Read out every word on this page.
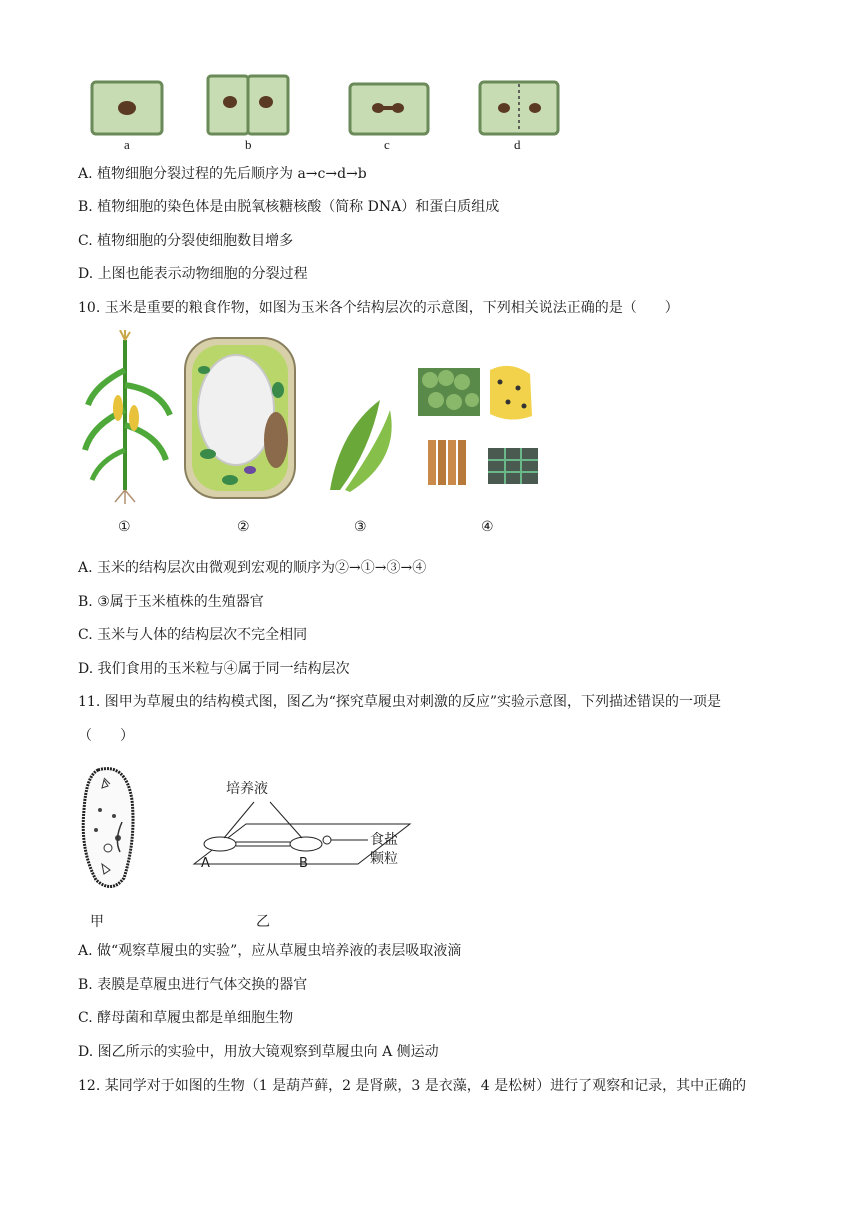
a	b	c	d
A. 植物细胞分裂过程的先后顺序为 a→c→d→b
B. 植物细胞的染色体是由脱氧核糖核酸（简称 DNA）和蛋白质组成
C. 植物细胞的分裂使细胞数目增多
D. 上图也能表示动物细胞的分裂过程
10. 玉米是重要的粮食作物，如图为玉米各个结构层次的示意图，下列相关说法正确的是（　　）
①	②	③	④
A. 玉米的结构层次由微观到宏观的顺序为②→①→③→④
B. ③属于玉米植株的生殖器官
C. 玉米与人体的结构层次不完全相同
D. 我们食用的玉米粒与④属于同一结构层次
11. 图甲为草履虫的结构模式图，图乙为“探究草履虫对刺激的反应”实验示意图，下列描述错误的一项是
（　　）
培养液
食盐
颗粒
A	B
甲	乙
A. 做“观察草履虫的实验”，应从草履虫培养液的表层吸取液滴
B. 表膜是草履虫进行气体交换的器官
C. 酵母菌和草履虫都是单细胞生物
D. 图乙所示的实验中，用放大镜观察到草履虫向 A 侧运动
12. 某同学对于如图的生物（1 是葫芦藓，2 是肾蕨，3 是衣藻，4 是松树）进行了观察和记录，其中正确的
